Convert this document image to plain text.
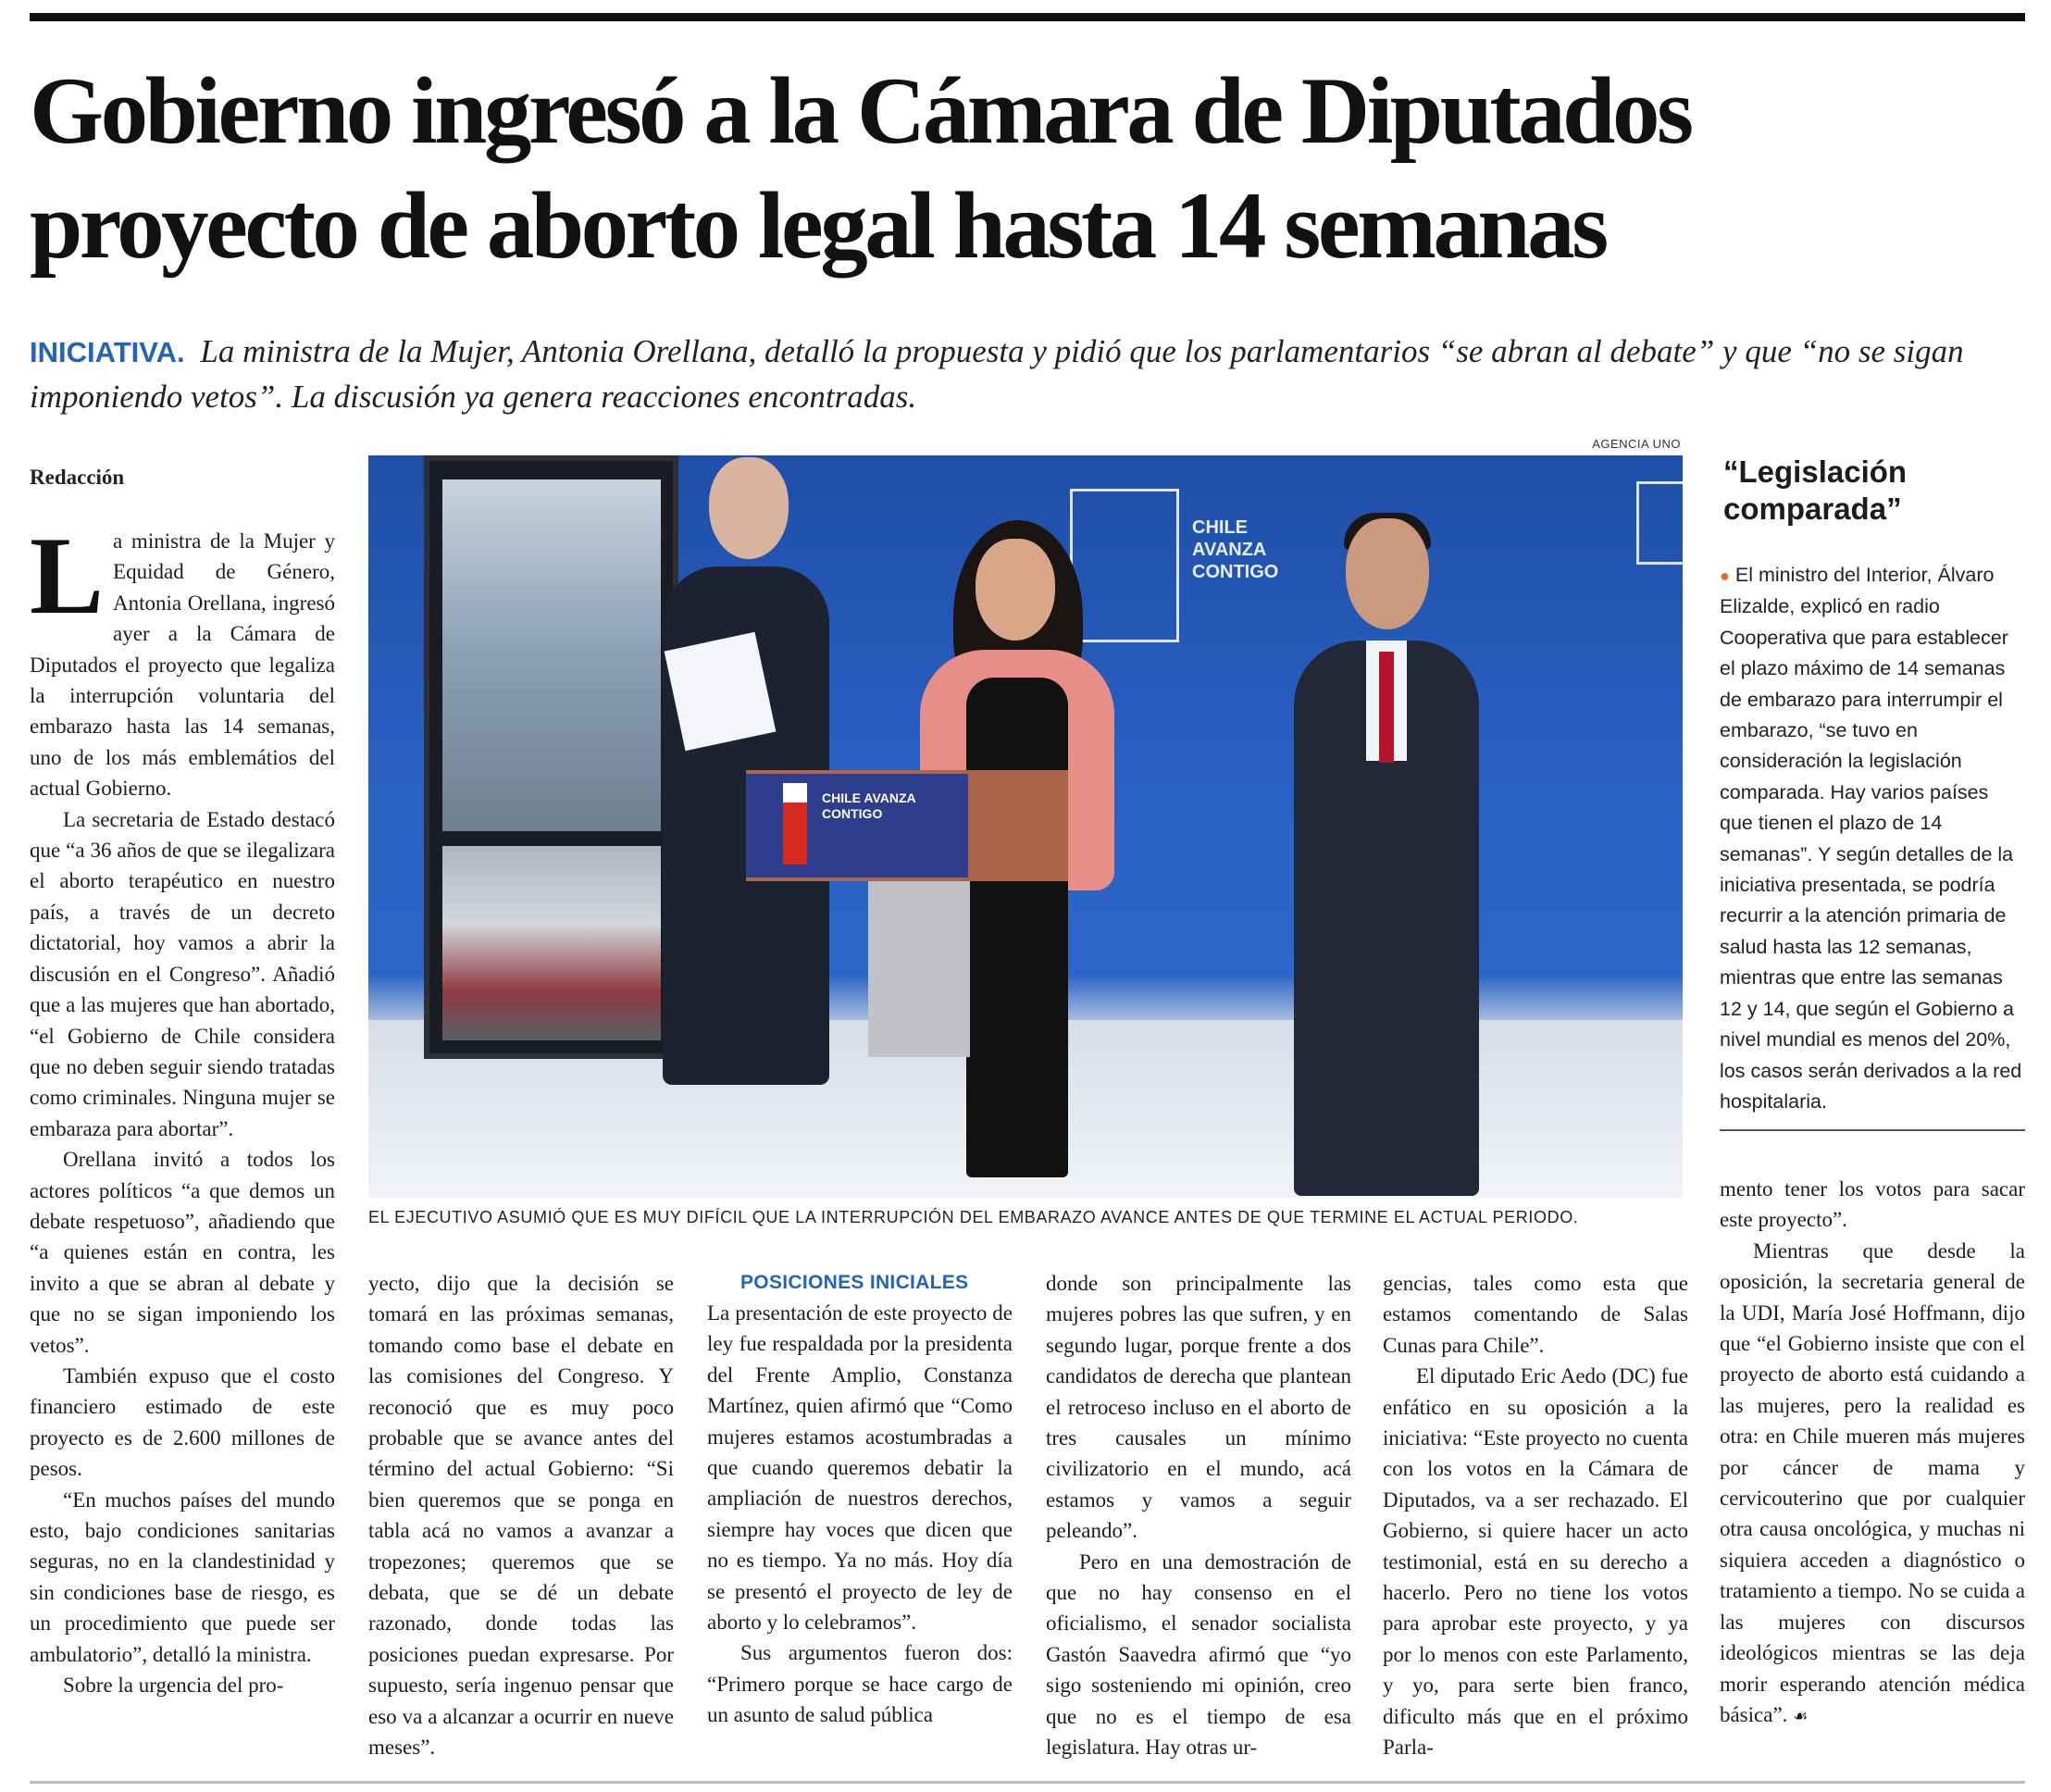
Gobierno ingresó a la Cámara de Diputados
proyecto de aborto legal hasta 14 semanas
INICIATIVA. La ministra de la Mujer, Antonia Orellana, detalló la propuesta y pidió que los parlamentarios “se abran al debate” y que “no se sigan imponiendo vetos”. La discusión ya genera reacciones encontradas.
AGENCIA UNO
CHILE AVANZA CONTIGO
CHILE AVANZA CONTIGO
EL EJECUTIVO ASUMIÓ QUE ES MUY DIFÍCIL QUE LA INTERRUPCIÓN DEL EMBARAZO AVANCE ANTES DE QUE TERMINE EL ACTUAL PERIODO.
Redacción

La ministra de la Mujer y Equidad de Género, Antonia Orellana, ingresó ayer a la Cámara de Diputados el proyecto que legaliza la interrupción voluntaria del embarazo hasta las 14 semanas, uno de los más emblemátios del actual Gobierno.

La secretaria de Estado destacó que “a 36 años de que se ilegalizara el aborto terapéutico en nuestro país, a través de un decreto dictatorial, hoy vamos a abrir la discusión en el Congreso”. Añadió que a las mujeres que han abortado, “el Gobierno de Chile considera que no deben seguir siendo tratadas como criminales. Ninguna mujer se embaraza para abortar”.

Orellana invitó a todos los actores políticos “a que demos un debate respetuoso”, añadiendo que “a quienes están en contra, les invito a que se abran al debate y que no se sigan imponiendo los vetos”.

También expuso que el costo financiero estimado de este proyecto es de 2.600 millones de pesos.

“En muchos países del mundo esto, bajo condiciones sanitarias seguras, no en la clandestinidad y sin condiciones base de riesgo, es un procedimiento que puede ser ambulatorio”, detalló la ministra.

Sobre la urgencia del pro-

yecto, dijo que la decisión se tomará en las próximas semanas, tomando como base el debate en las comisiones del Congreso. Y reconoció que es muy poco probable que se avance antes del término del actual Gobierno: “Si bien queremos que se ponga en tabla acá no vamos a avanzar a tropezones; queremos que se debata, que se dé un debate razonado, donde todas las posiciones puedan expresarse. Por supuesto, sería ingenuo pensar que eso va a alcanzar a ocurrir en nueve meses”.

POSICIONES INICIALES

La presentación de este proyecto de ley fue respaldada por la presidenta del Frente Amplio, Constanza Martínez, quien afirmó que “Como mujeres estamos acostumbradas a que cuando queremos debatir la ampliación de nuestros derechos, siempre hay voces que dicen que no es tiempo. Ya no más. Hoy día se presentó el proyecto de ley de aborto y lo celebramos”.

Sus argumentos fueron dos: “Primero porque se hace cargo de un asunto de salud pública

donde son principalmente las mujeres pobres las que sufren, y en segundo lugar, porque frente a dos candidatos de derecha que plantean el retroceso incluso en el aborto de tres causales un mínimo civilizatorio en el mundo, acá estamos y vamos a seguir peleando”.

Pero en una demostración de que no hay consenso en el oficialismo, el senador socialista Gastón Saavedra afirmó que “yo sigo sosteniendo mi opinión, creo que no es el tiempo de esa legislatura. Hay otras ur-

gencias, tales como esta que estamos comentando de Salas Cunas para Chile”.

El diputado Eric Aedo (DC) fue enfático en su oposición a la iniciativa: “Este proyecto no cuenta con los votos en la Cámara de Diputados, va a ser rechazado. El Gobierno, si quiere hacer un acto testimonial, está en su derecho a hacerlo. Pero no tiene los votos para aprobar este proyecto, y ya por lo menos con este Parlamento, y yo, para serte bien franco, dificulto más que en el próximo Parla-

“Legislación comparada”
● El ministro del Interior, Álvaro Elizalde, explicó en radio Cooperativa que para establecer el plazo máximo de 14 semanas de embarazo para interrumpir el embarazo, “se tuvo en consideración la legislación comparada. Hay varios países que tienen el plazo de 14 semanas”. Y según detalles de la iniciativa presentada, se podría recurrir a la atención primaria de salud hasta las 12 semanas, mientras que entre las semanas 12 y 14, que según el Gobierno a nivel mundial es menos del 20%, los casos serán derivados a la red hospitalaria.

mento tener los votos para sacar este proyecto”.

Mientras que desde la oposición, la secretaria general de la UDI, María José Hoffmann, dijo que “el Gobierno insiste que con el proyecto de aborto está cuidando a las mujeres, pero la realidad es otra: en Chile mueren más mujeres por cáncer de mama y cervicouterino que por cualquier otra causa oncológica, y muchas ni siquiera acceden a diagnóstico o tratamiento a tiempo. No se cuida a las mujeres con discursos ideológicos mientras se las deja morir esperando atención médica básica”. ☙
